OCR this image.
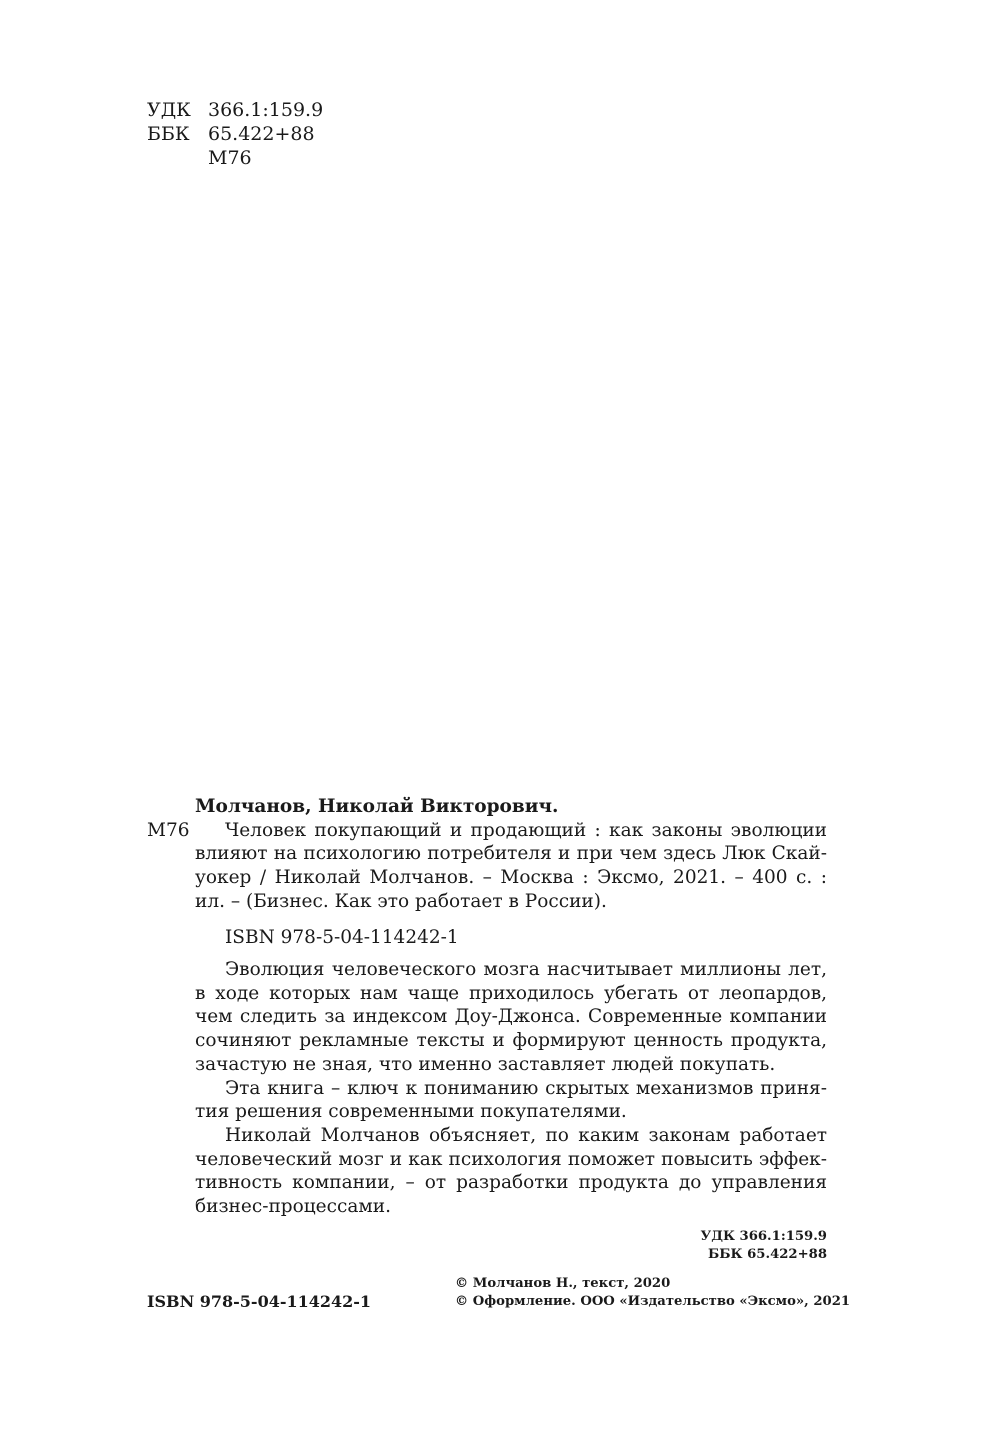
УДК 366.1:159.9
ББК 65.422+88
М76
Молчанов, Николай Викторович.
М76	Человек покупающий и продающий : как законы эволюции влияют на психологию потребителя и при чем здесь Люк Скайуокер / Николай Молчанов. – Москва : Эксмо, 2021. – 400 с. : ил. – (Бизнес. Как это работает в России).
ISBN 978-5-04-114242-1

Эволюция человеческого мозга насчитывает миллионы лет, в ходе которых нам чаще приходилось убегать от леопардов, чем следить за индексом Доу-Джонса. Современные компании сочиняют рекламные тексты и формируют ценность продукта, зачастую не зная, что именно заставляет людей покупать.

Эта книга – ключ к пониманию скрытых механизмов принятия решения современными покупателями.

Николай Молчанов объясняет, по каким законам работает человеческий мозг и как психология поможет повысить эффективность компании, – от разработки продукта до управления бизнес-процессами.

УДК 366.1:159.9
ББК 65.422+88
ISBN 978-5-04-114242-1
© Молчанов Н., текст, 2020
© Оформление. ООО «Издательство «Эксмо», 2021
